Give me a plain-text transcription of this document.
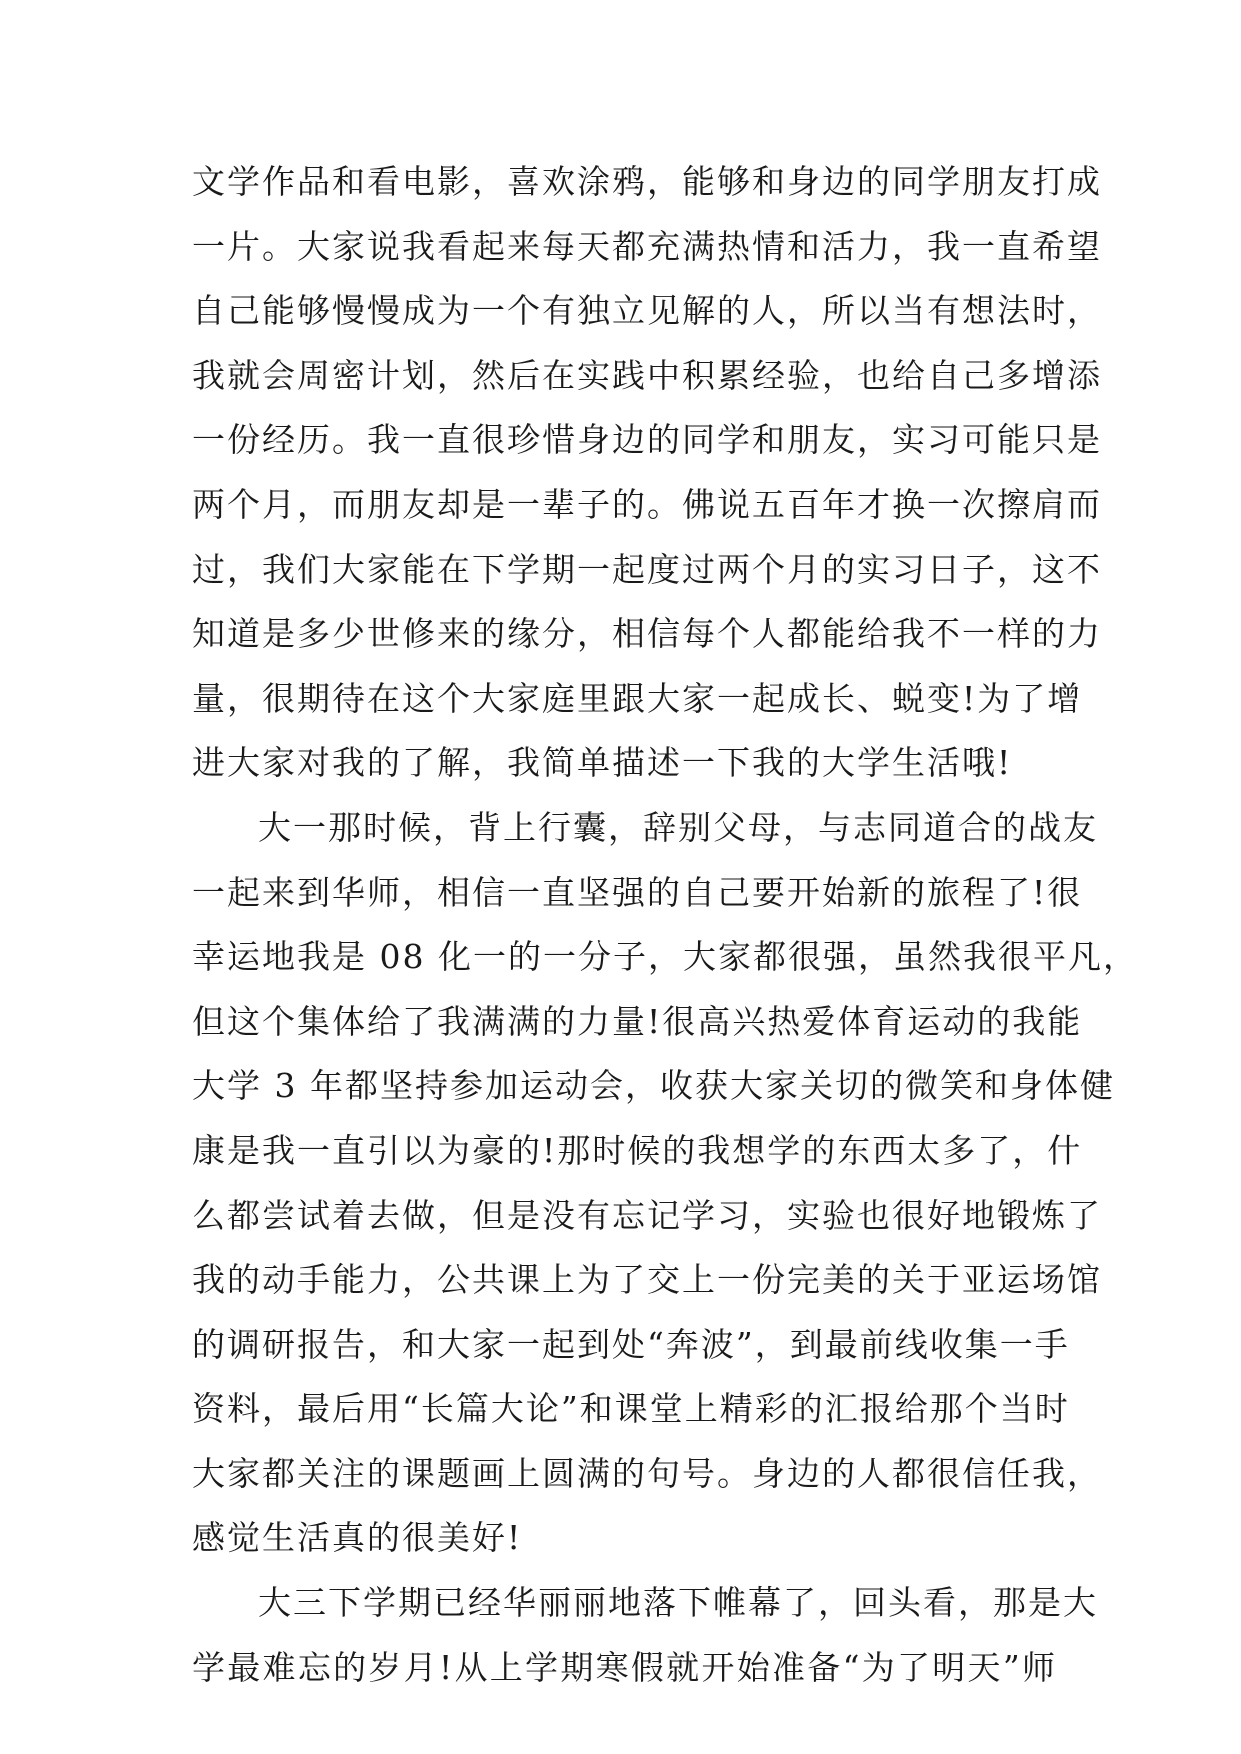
文学作品和看电影，喜欢涂鸦，能够和身边的同学朋友打成
一片。大家说我看起来每天都充满热情和活力，我一直希望
自己能够慢慢成为一个有独立见解的人，所以当有想法时，
我就会周密计划，然后在实践中积累经验，也给自己多增添
一份经历。我一直很珍惜身边的同学和朋友，实习可能只是
两个月，而朋友却是一辈子的。佛说五百年才换一次擦肩而
过，我们大家能在下学期一起度过两个月的实习日子，这不
知道是多少世修来的缘分，相信每个人都能给我不一样的力
量，很期待在这个大家庭里跟大家一起成长、蜕变!为了增
进大家对我的了解，我简单描述一下我的大学生活哦!
大一那时候，背上行囊，辞别父母，与志同道合的战友
一起来到华师，相信一直坚强的自己要开始新的旅程了!很
幸运地我是 08 化一的一分子，大家都很强，虽然我很平凡，
但这个集体给了我满满的力量!很高兴热爱体育运动的我能
大学 3 年都坚持参加运动会，收获大家关切的微笑和身体健
康是我一直引以为豪的!那时候的我想学的东西太多了，什
么都尝试着去做，但是没有忘记学习，实验也很好地锻炼了
我的动手能力，公共课上为了交上一份完美的关于亚运场馆
的调研报告，和大家一起到处“奔波”，到最前线收集一手
资料，最后用“长篇大论”和课堂上精彩的汇报给那个当时
大家都关注的课题画上圆满的句号。身边的人都很信任我，
感觉生活真的很美好!
大三下学期已经华丽丽地落下帷幕了，回头看，那是大
学最难忘的岁月!从上学期寒假就开始准备“为了明天”师
